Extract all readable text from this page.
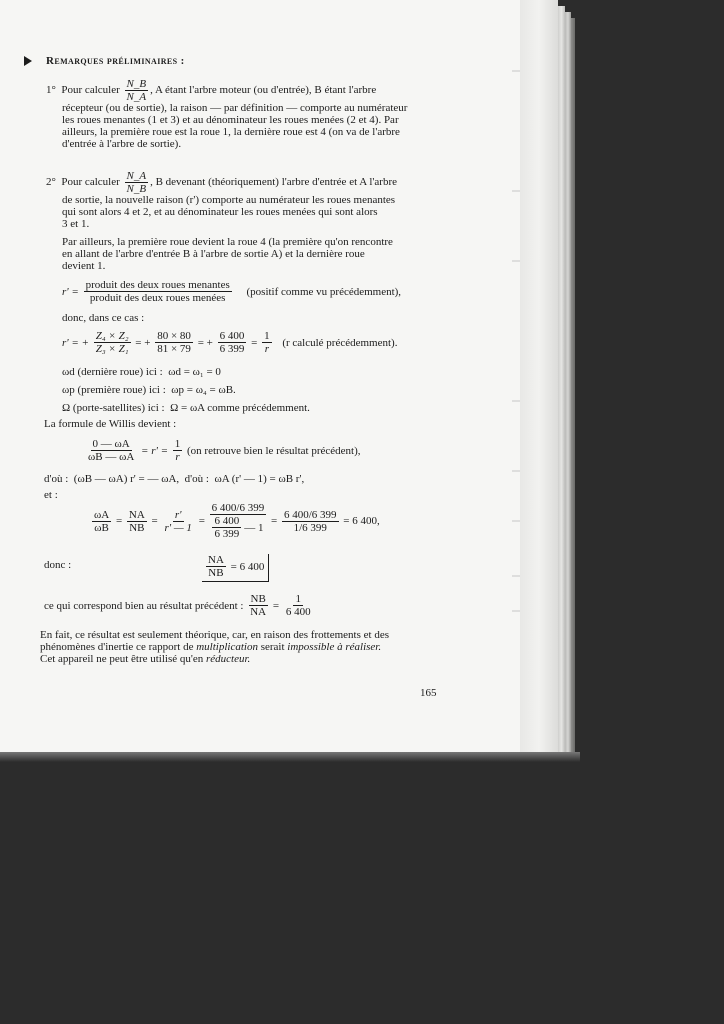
Remarques préliminaires :
1° Pour calculer $\frac{N\_B}{N\_A}$ , A étant l'arbre moteur (ou d'entrée), B étant l'arbre
récepteur (ou de sortie), la raison — par définition — comporte au numérateur
les roues menantes (1 et 3) et au dénominateur les roues menées (2 et 4). Par
ailleurs, la première roue est la roue 1, la dernière roue est 4 (on va de l'arbre
d'entrée à l'arbre de sortie).
2° Pour calculer $\frac{N\_A}{N\_B}$ , B devenant (théoriquement) l'arbre d'entrée et A l'arbre
de sortie, la nouvelle raison (r') comporte au numérateur les roues menantes
qui sont alors 4 et 2, et au dénominateur les roues menées qui sont alors
3 et 1.
Par ailleurs, la première roue devient la roue 4 (la première qu'on rencontre
en allant de l'arbre d'entrée B à l'arbre de sortie A) et la dernière roue
devient 1.
$r' = \frac{\text{produit des deux roues menantes}}{\text{produit des deux roues menées}}$ (positif comme vu précédemment),
donc, dans ce cas :
r' = + $\frac{\text{Z₄ × Z₂}}{\text{Z₃ × Z₁}}$ = + $\frac{80 \times 80}{81 \times 79}$ = + $\frac{6 400}{6 399} = \frac{1}{r} (r$ calculé précédemment).
ωd (dernière roue) ici : ωd = ω₁ = 0
ωp (première roue) ici : ωp = ω₄ = ωB.
Ω (porte-satellites) ici : Ω = ωA comme précédemment.
La formule de Willis devient :
$\frac{0 — \omega A}{\omega B — \omega A} = r' = \frac{1}{r} (on$ retrouve bien le résultat précédent),
d'où : (ωB — ωA) r' = — ωA, d'où : ωA (r' — 1) = ωB r',
et :
$\frac{\omega A}{\omega B} = \frac{NA}{NB} = \frac{r'}{r' — 1} = \frac{6 400/6 399}{\frac{6 400}{6 399} — 1} = \frac{6 400/6 399}{1/6 399} = 6$ 400,
donc :	$\frac{NA}{NB} = 6$ 400
ce qui correspond bien au résultat précédent : $\frac{NB}{NA} = \frac{1}{6 400}$
En fait, ce résultat est seulement théorique, car, en raison des frottements et des
phénomènes d'inertie ce rapport de multiplication serait impossible à réaliser.
Cet appareil ne peut être utilisé qu'en réducteur.
165
